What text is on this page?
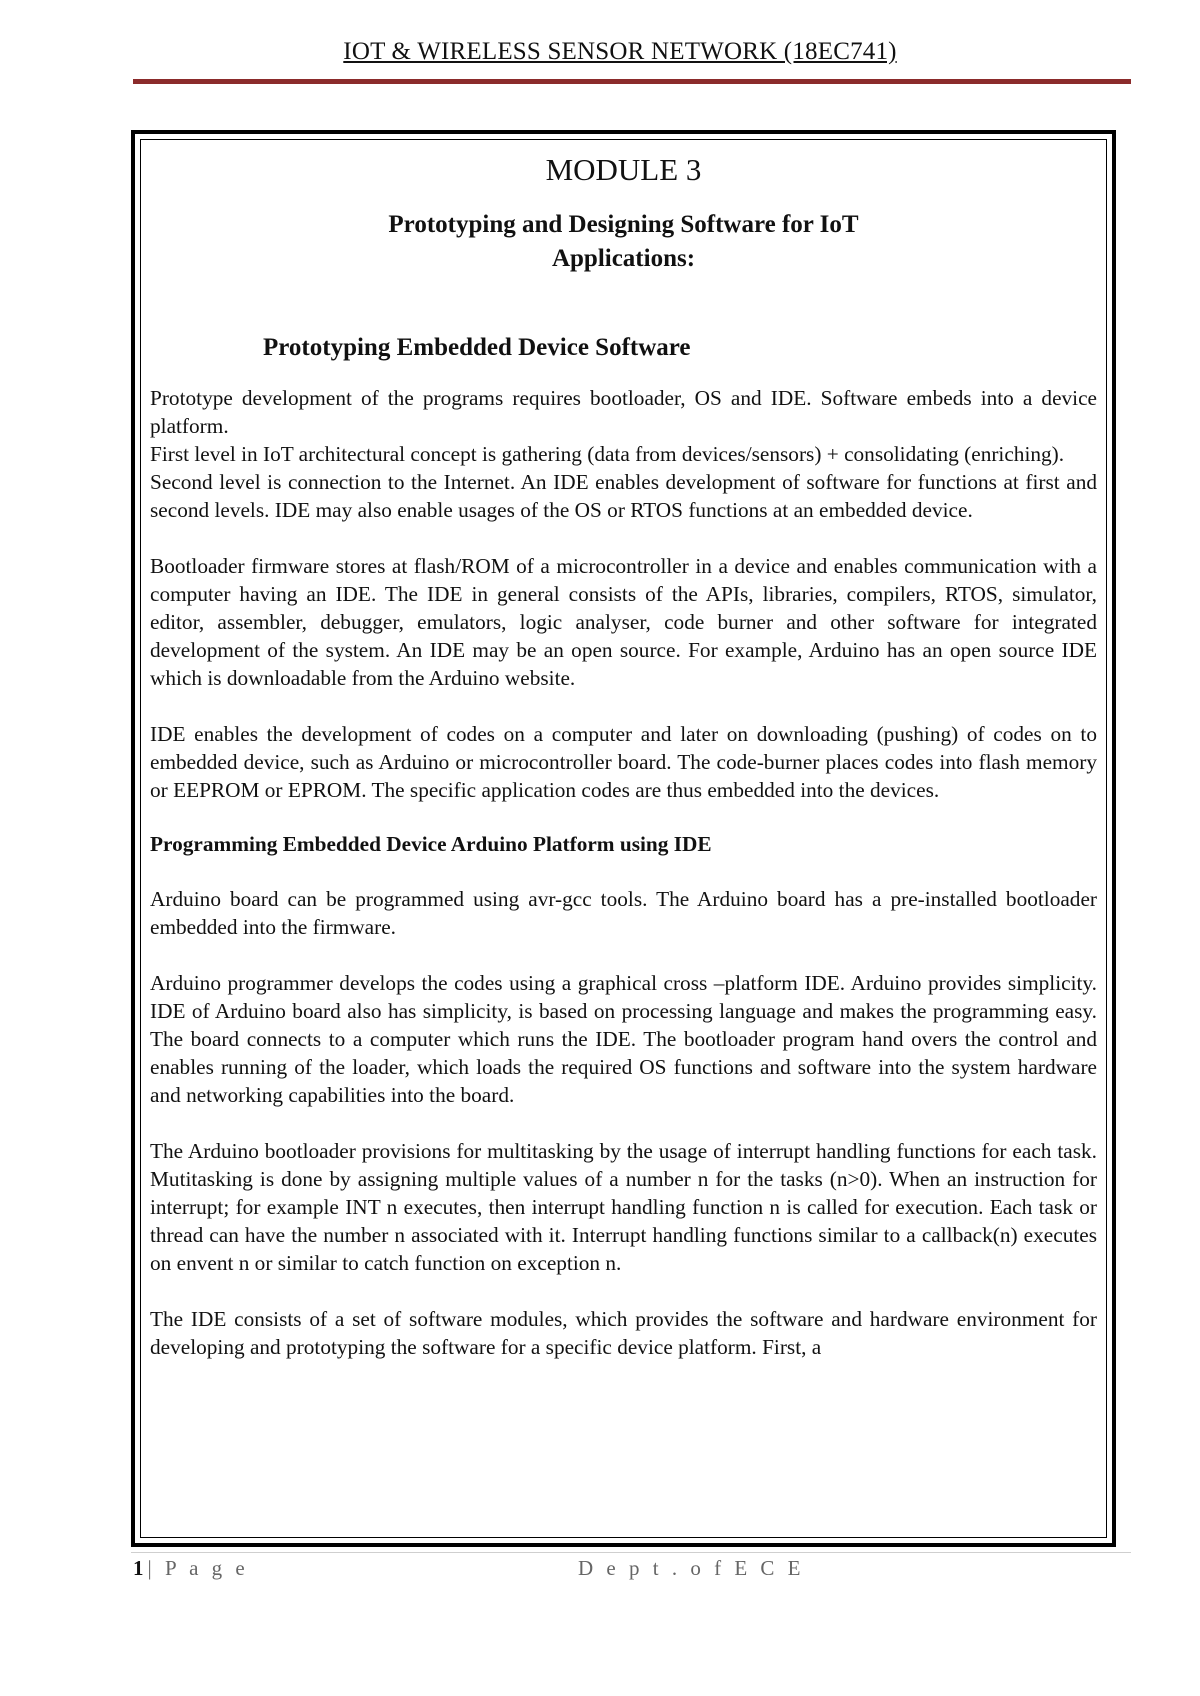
IOT & WIRELESS SENSOR NETWORK (18EC741)
MODULE 3
Prototyping and Designing Software for IoT
Applications:
Prototyping Embedded Device Software

Prototype development of the programs requires bootloader, OS and IDE. Software embeds into a device platform.

First level in IoT architectural concept is gathering (data from devices/sensors) + consolidating (enriching).

Second level is connection to the Internet. An IDE enables development of software for functions at first and second levels. IDE may also enable usages of the OS or RTOS functions at an embedded device.

Bootloader firmware stores at flash/ROM of a microcontroller in a device and enables communication with a computer having an IDE. The IDE in general consists of the APIs, libraries, compilers, RTOS, simulator, editor, assembler, debugger, emulators, logic analyser, code burner and other software for integrated development of the system. An IDE may be an open source. For example, Arduino has an open source IDE which is downloadable from the Arduino website.

IDE enables the development of codes on a computer and later on downloading (pushing) of codes on to embedded device, such as Arduino or microcontroller board. The code-burner places codes into flash memory or EEPROM or EPROM. The specific application codes are thus embedded into the devices.

Programming Embedded Device Arduino Platform using IDE

Arduino board can be programmed using avr-gcc tools. The Arduino board has a pre-installed bootloader embedded into the firmware.

Arduino programmer develops the codes using a graphical cross –platform IDE. Arduino provides simplicity. IDE of Arduino board also has simplicity, is based on processing language and makes the programming easy. The board connects to a computer which runs the IDE. The bootloader program hand overs the control and enables running of the loader, which loads the required OS functions and software into the system hardware and networking capabilities into the board.

The Arduino bootloader provisions for multitasking by the usage of interrupt handling functions for each task. Mutitasking is done by assigning multiple values of a number n for the tasks (n>0). When an instruction for interrupt; for example INT n executes, then interrupt handling function n is called for execution. Each task or thread can have the number n associated with it. Interrupt handling functions similar to a callback(n) executes on envent n or similar to catch function on exception n.

The IDE consists of a set of software modules, which provides the software and hardware environment for developing and prototyping the software for a specific device platform. First, a

1 | P a g e	D e p t . o f E C E
